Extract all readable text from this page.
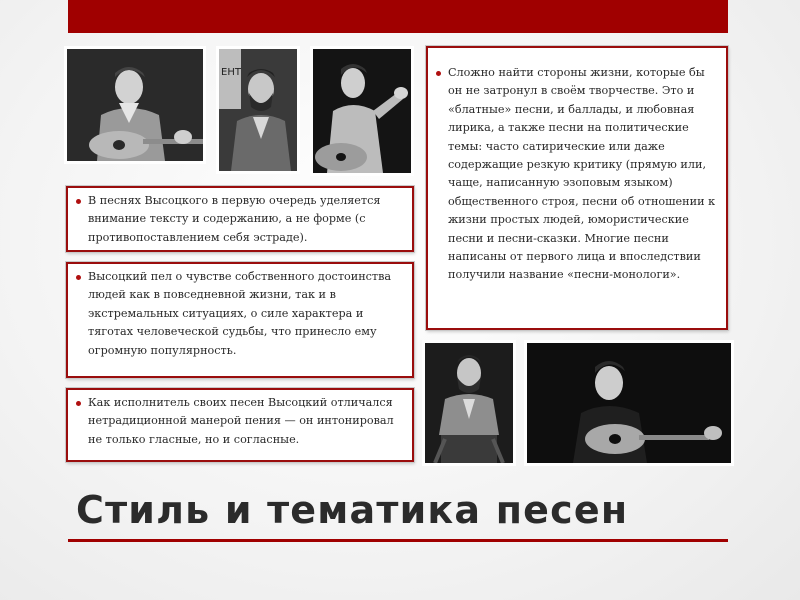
ЕНТ
В песнях Высоцкого в первую очередь уделяется внимание тексту и содержанию, а не форме (с противопоставлением себя эстраде).
Высоцкий пел о чувстве собственного достоинства людей как в повседневной жизни, так и в экстремальных ситуациях, о силе характера и тяготах человеческой судьбы, что принесло ему огромную популярность.
Как исполнитель своих песен Высоцкий отличался нетрадиционной манерой пения — он интонировал не только гласные, но и согласные.
Сложно найти стороны жизни, которые бы он не затронул в своём творчестве. Это и «блатные» песни, и баллады, и любовная лирика, а также песни на политические темы: часто сатирические или даже содержащие резкую критику (прямую или, чаще, написанную эзоповым языком) общественного строя, песни об отношении к жизни простых людей, юмористические песни и песни-сказки. Многие песни написаны от первого лица и впоследствии получили название «песни-монологи».
Стиль и тематика песен
